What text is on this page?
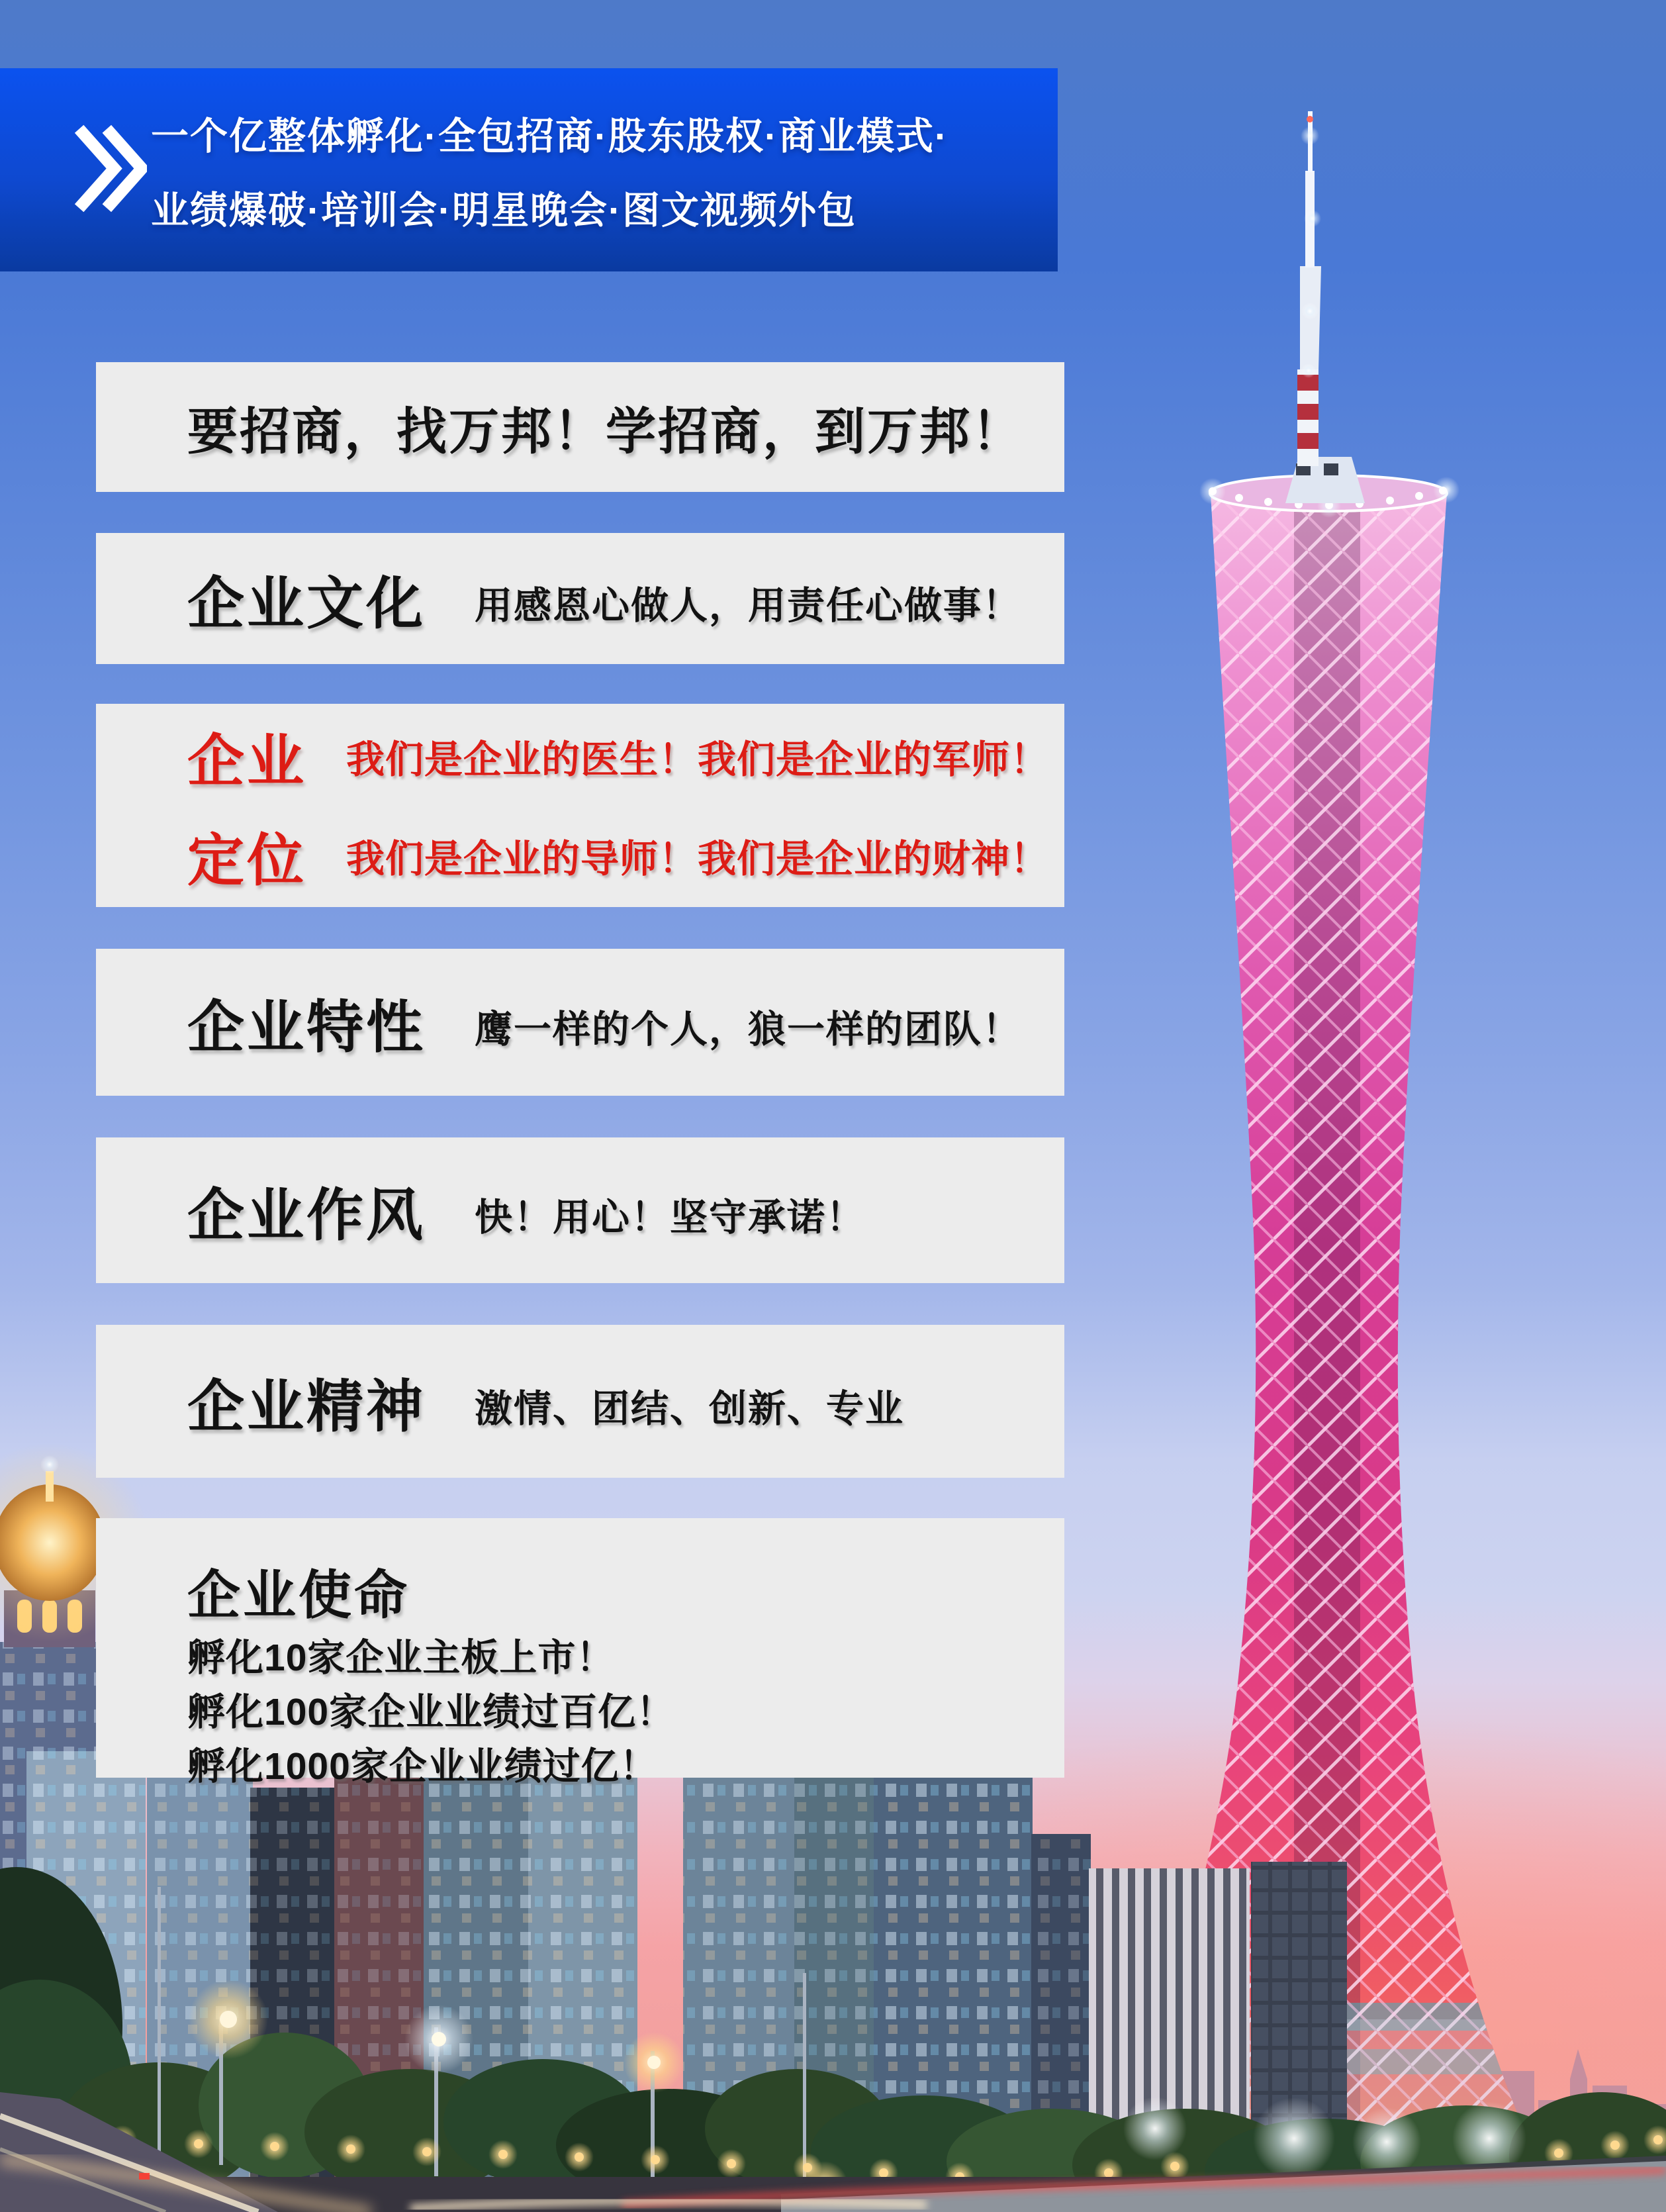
一个亿整体孵化·全包招商·股东股权·商业模式·
业绩爆破·培训会·明星晚会·图文视频外包
要招商，找万邦！学招商，到万邦！
企业文化 用感恩心做人，用责任心做事！
企业	我们是企业的医生！我们是企业的军师！
定位	我们是企业的导师！我们是企业的财神！
企业特性 鹰一样的个人，狼一样的团队！
企业作风 快！用心！坚守承诺！
企业精神 激情、团结、创新、专业
企业使命
孵化10家企业主板上市！
孵化100家企业业绩过百亿！
孵化1000家企业业绩过亿！
